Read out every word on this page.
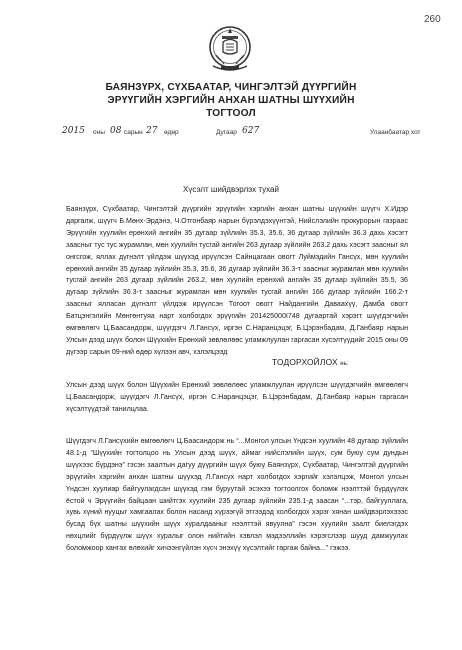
260
БАЯНЗҮРХ, СҮХБААТАР, ЧИНГЭЛТЭЙ ДҮҮРГИЙН
ЭРҮҮГИЙН ХЭРГИЙН АНХАН ШАТНЫ ШҮҮХИЙН
ТОГТООЛ
2015 оны 08 сарын 27 өдөр	Дугаар 627	Улаанбаатар хот
Хүсэлт шийдвэрлэх тухай

Баянзүрх, Сүхбаатар, Чингэлтэй дүүргийн эрүүгийн хэргийн анхан шатны шүүхийн шүүгч Х.Идэр даргалж, шүүгч Б.Мөнх-Эрдэнэ, Ч.Отгонбаяр нарын бүрэлдэхүүнтэй, Нийслэлийн прокурорын газраас Эрүүгийн хуулийн ерөнхий ангийн 35 дугаар зүйлийн 35.3, 35.6, 36 дугаар зүйлийн 36.3 дахь хэсэгт заасныг тус тус журамлан, мөн хуулийн тусгай ангийн 263 дугаар зүйлийн 263.2 дахь хэсэгт заасныг ял онгсгож, яллах дүгнэлт үйлдэж шүүхэд ирүүлсэн Сайнцагаан овогт Луймэдийн Гансүх, мөн хуулийн ерөнхий ангийн 35 дугаар зүйлийн 35.3, 35.6, 36 дугаар зүйлийн 36.3-т заасныг журамлан мөн хуулийн тусгай ангийн 263 дугаар зүйлийн 263.2, мөн хуулийн ерөнхий ангийн 35 дугаар зүйлийн 35.5, 36 дугаар зүйлийн 36.3-т заасныг журамлан мөн хуулийн тусгай ангийн 166 дугаар зүйлийн 166.2-т заасныг ялласан дүгнэлт үйлдэж ирүүлсэн Тогоот овогт Найдангийн Даваахүү, Дамба овогт Батцэнгэлийн Мөнгөнтуяа нарт холбогдох эрүүгийн 201425000I748 дугаартай хэрэгт шүүгдэгчийн өмгөөлөгч Ц.Баасандорж, шүүгдэгч Л.Гансүх, иргэн С.Наранцэцэг, Б.Цэрэнбадам, Д.Ганбаяр нарын Улсын дээд шүүх болон Шүүхийн Ерөнхий зөвлөлөөс уламжлуулан гаргасан хүсэлтүүдийг 2015 оны 09 дүгээр сарын 09-ний өдөр хүлээн авч, хэлэлцээд

ТОДОРХОЙЛОХ нь:

Улсын дээд шүүх болон Шүүхийн Ерөнхий зөвлөлөөс уламжлуулан ирүүлсэн шүүгдэгчийн өмгөөлөгч Ц.Баасандорж, шүүгдэгч Л.Гансүх, иргэн С.Наранцэцэг, Б.Цэрэнбадам, Д.Ганбаяр нарын гаргасан хүсэлтүүдтэй танилцлаа.

Шүүгдэгч Л.Гансүхийн өмгөөлөгч Ц.Баасандорж нь “...Монгол улсын Үндсэн хуулийн 48 дугаар зүйлийн 48.1-д “Шүүхийн тогтолцоо нь Улсын дээд шүүх, аймаг нийслэлийн шүүх, сум буюу сум дундын шүүхээс бүрдэнэ” гэсэн заалтын дагуу дүүргийн шүүх буюу Баянзүрх, Сүхбаатар, Чингэлтэй дүүргийн эрүүгийн хэргийн анхан шатны шүүхэд Л.Гансүх нарт холбогдох хэргийг хэлэлцэж, Монгол улсын Үндсэн хуулиар байгуулагдсан шүүхэд гэм буруутай эсэхээ тогтоолгох боломж нээлттэй бүрдүүлэх ёстой ч Эрүүгийн байцаан шийтгэх хуулийн 235 дугаар зүйлийн 235.1-д заасан “...тэр, байгууллага, хувь хүний нууцыг хамгаалах болон насанд хүрээгүй этгээдэд холбогдох хэрэг хянан шийдвэрлэхэээс бусад бүх шатны шүүхийн шүүх хуралдааныг нээлттэй явуулна” гэсэн хуулийн заалт биелэгдэх нөхцлийг бүрдүүлж шүүх хуралыг олон нийтийн хэвлэл мэдээллийн хэрэгслээр шууд дамжуулах боломжоор хангах өлөхийг хичээнгүйлэн хүсч энэхүү хүсэлтийг гаргаж байна...” гэжээ.
